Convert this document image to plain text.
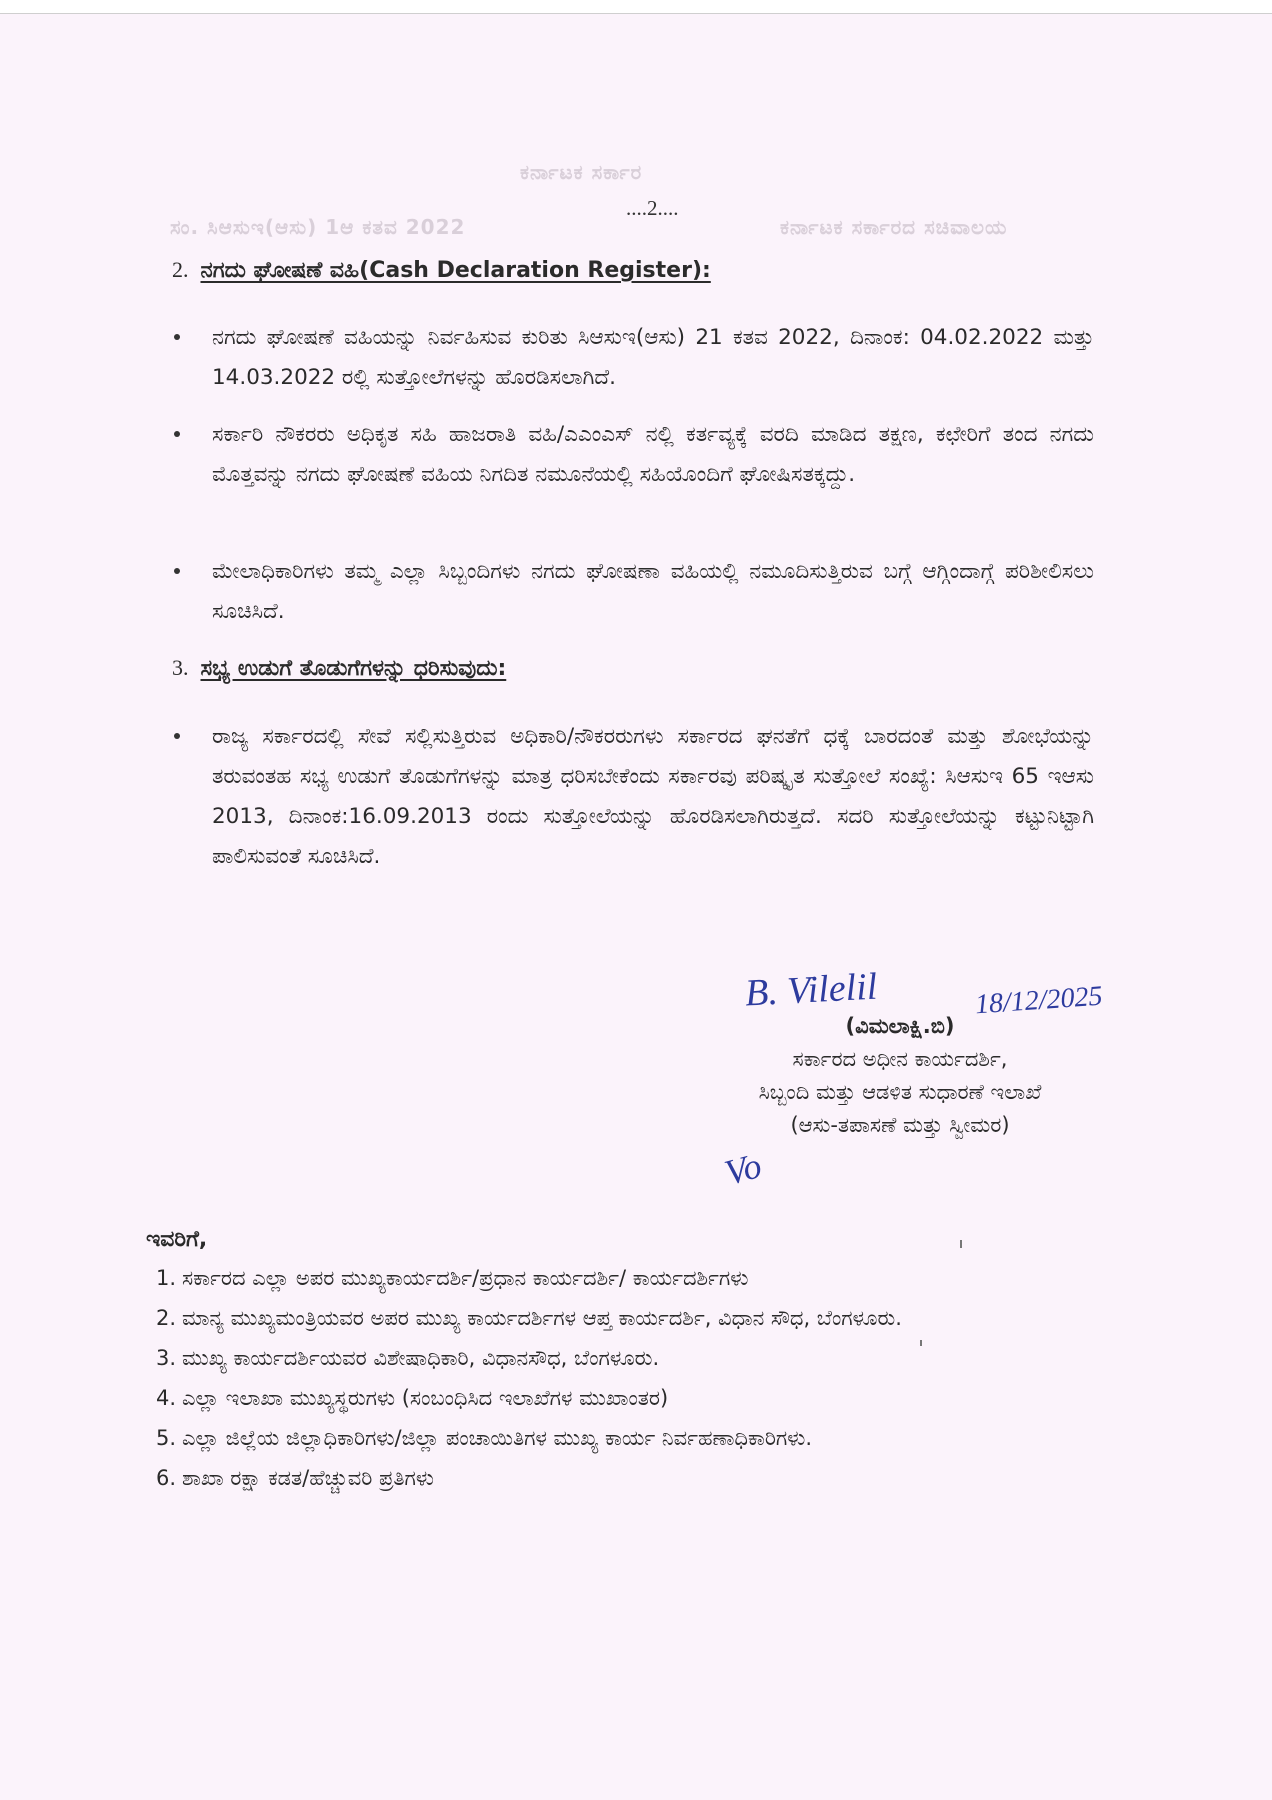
ಕರ್ನಾಟಕ ಸರ್ಕಾರ
ಸಂ. ಸಿಆಸುಇ(ಆಸು) 1ಆ ಕತವ 2022	ಕರ್ನಾಟಕ ಸರ್ಕಾರದ ಸಚಿವಾಲಯ
....2....
2. ನಗದು ಘೋಷಣೆ ವಹಿ(Cash Declaration Register):
ನಗದು ಘೋಷಣೆ ವಹಿಯನ್ನು ನಿರ್ವಹಿಸುವ ಕುರಿತು ಸಿಆಸುಇ(ಆಸು) 21 ಕತವ 2022, ದಿನಾಂಕ: 04.02.2022 ಮತ್ತು 14.03.2022 ರಲ್ಲಿ ಸುತ್ತೋಲೆಗಳನ್ನು ಹೊರಡಿಸಲಾಗಿದೆ.
ಸರ್ಕಾರಿ ನೌಕರರು ಅಧಿಕೃತ ಸಹಿ ಹಾಜರಾತಿ ವಹಿ/ಎಎಂಎಸ್ ನಲ್ಲಿ ಕರ್ತವ್ಯಕ್ಕೆ ವರದಿ ಮಾಡಿದ ತಕ್ಷಣ, ಕಛೇರಿಗೆ ತಂದ ನಗದು ಮೊತ್ತವನ್ನು ನಗದು ಘೋಷಣೆ ವಹಿಯ ನಿಗದಿತ ನಮೂನೆಯಲ್ಲಿ ಸಹಿಯೊಂದಿಗೆ ಘೋಷಿಸತಕ್ಕದ್ದು.
ಮೇಲಾಧಿಕಾರಿಗಳು ತಮ್ಮ ಎಲ್ಲಾ ಸಿಬ್ಬಂದಿಗಳು ನಗದು ಘೋಷಣಾ ವಹಿಯಲ್ಲಿ ನಮೂದಿಸುತ್ತಿರುವ ಬಗ್ಗೆ ಆಗ್ಗಿಂದಾಗ್ಗೆ ಪರಿಶೀಲಿಸಲು ಸೂಚಿಸಿದೆ.
3. ಸಭ್ಯ ಉಡುಗೆ ತೊಡುಗೆಗಳನ್ನು ಧರಿಸುವುದು:
ರಾಜ್ಯ ಸರ್ಕಾರದಲ್ಲಿ ಸೇವೆ ಸಲ್ಲಿಸುತ್ತಿರುವ ಅಧಿಕಾರಿ/ನೌಕರರುಗಳು ಸರ್ಕಾರದ ಘನತೆಗೆ ಧಕ್ಕೆ ಬಾರದಂತೆ ಮತ್ತು ಶೋಭೆಯನ್ನು ತರುವಂತಹ ಸಭ್ಯ ಉಡುಗೆ ತೊಡುಗೆಗಳನ್ನು ಮಾತ್ರ ಧರಿಸಬೇಕೆಂದು ಸರ್ಕಾರವು ಪರಿಷ್ಕೃತ ಸುತ್ತೋಲೆ ಸಂಖ್ಯೆ: ಸಿಆಸುಇ 65 ಇಆಸು 2013, ದಿನಾಂಕ:16.09.2013 ರಂದು ಸುತ್ತೋಲೆಯನ್ನು ಹೊರಡಿಸಲಾಗಿರುತ್ತದೆ. ಸದರಿ ಸುತ್ತೋಲೆಯನ್ನು ಕಟ್ಟುನಿಟ್ಟಾಗಿ ಪಾಲಿಸುವಂತೆ ಸೂಚಿಸಿದೆ.
B. Vilelil	18/12/2025
(ವಿಮಲಾಕ್ಷಿ.ಬಿ)
ಸರ್ಕಾರದ ಅಧೀನ ಕಾರ್ಯದರ್ಶಿ,
ಸಿಬ್ಬಂದಿ ಮತ್ತು ಆಡಳಿತ ಸುಧಾರಣೆ ಇಲಾಖೆ
(ಆಸು-ತಪಾಸಣೆ ಮತ್ತು ಸ್ವೀಮರ)
Vo
ಇವರಿಗೆ,
1. ಸರ್ಕಾರದ ಎಲ್ಲಾ ಅಪರ ಮುಖ್ಯಕಾರ್ಯದರ್ಶಿ/ಪ್ರಧಾನ ಕಾರ್ಯದರ್ಶಿ/ ಕಾರ್ಯದರ್ಶಿಗಳು
2. ಮಾನ್ಯ ಮುಖ್ಯಮಂತ್ರಿಯವರ ಅಪರ ಮುಖ್ಯ ಕಾರ್ಯದರ್ಶಿಗಳ ಆಪ್ತ ಕಾರ್ಯದರ್ಶಿ, ವಿಧಾನ ಸೌಧ, ಬೆಂಗಳೂರು.
3. ಮುಖ್ಯ ಕಾರ್ಯದರ್ಶಿಯವರ ವಿಶೇಷಾಧಿಕಾರಿ, ವಿಧಾನಸೌಧ, ಬೆಂಗಳೂರು.
4. ಎಲ್ಲಾ ಇಲಾಖಾ ಮುಖ್ಯಸ್ಥರುಗಳು (ಸಂಬಂಧಿಸಿದ ಇಲಾಖೆಗಳ ಮುಖಾಂತರ)
5. ಎಲ್ಲಾ ಜಿಲ್ಲೆಯ ಜಿಲ್ಲಾಧಿಕಾರಿಗಳು/ಜಿಲ್ಲಾ ಪಂಚಾಯಿತಿಗಳ ಮುಖ್ಯ ಕಾರ್ಯ ನಿರ್ವಹಣಾಧಿಕಾರಿಗಳು.
6. ಶಾಖಾ ರಕ್ಷಾ ಕಡತ/ಹೆಚ್ಚುವರಿ ಪ್ರತಿಗಳು
